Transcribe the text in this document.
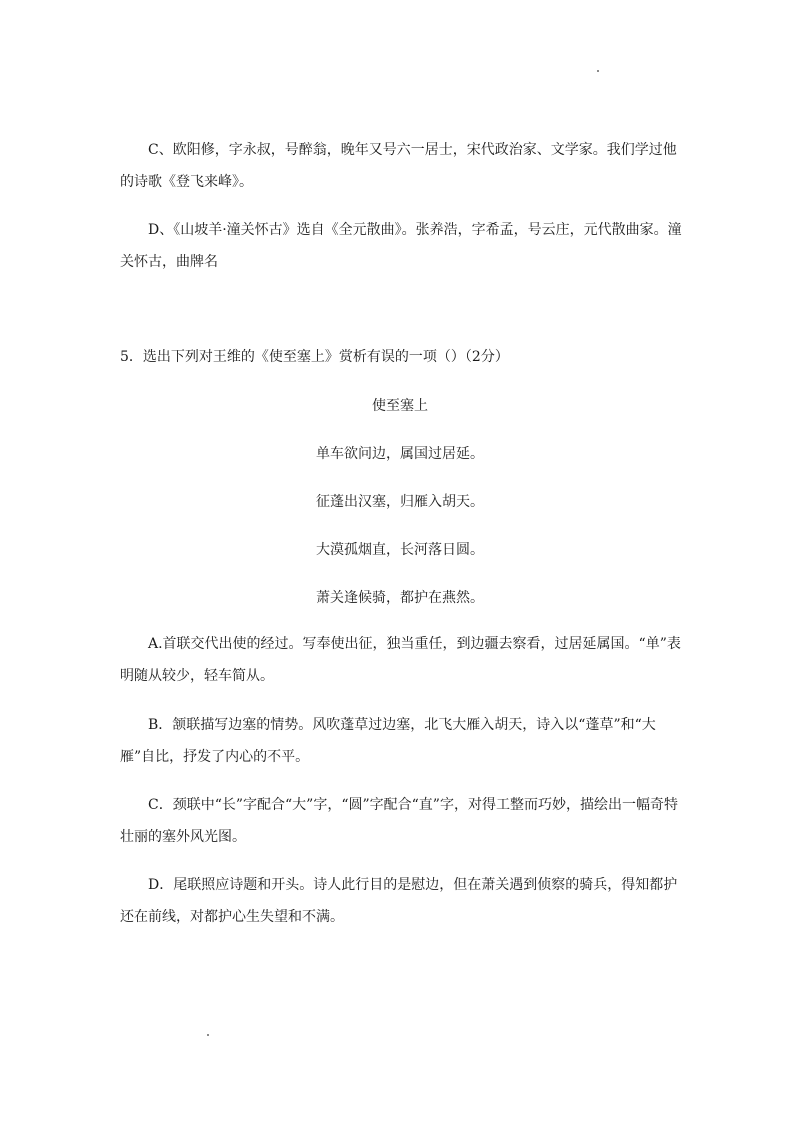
C、欧阳修，字永叔，号醉翁，晚年又号六一居士，宋代政治家、文学家。我们学过他的诗歌《登飞来峰》。

D、《山坡羊·潼关怀古》选自《全元散曲》。张养浩，字希孟，号云庄，元代散曲家。潼关怀古，曲牌名

5．选出下列对王维的《使至塞上》赏析有误的一项（）（2分）

使至塞上

单车欲问边，属国过居延。

征蓬出汉塞，归雁入胡天。

大漠孤烟直，长河落日圆。

萧关逢候骑，都护在燕然。

A.首联交代出使的经过。写奉使出征，独当重任，到边疆去察看，过居延属国。“单”表明随从较少，轻车简从。

B．颔联描写边塞的情势。风吹蓬草过边塞，北飞大雁入胡天，诗入以“蓬草”和“大雁”自比，抒发了内心的不平。

C．颈联中“长”字配合“大”字，“圆”字配合“直”字，对得工整而巧妙，描绘出一幅奇特壮丽的塞外风光图。

D．尾联照应诗题和开头。诗人此行目的是慰边，但在萧关遇到侦察的骑兵，得知都护还在前线，对都护心生失望和不满。
